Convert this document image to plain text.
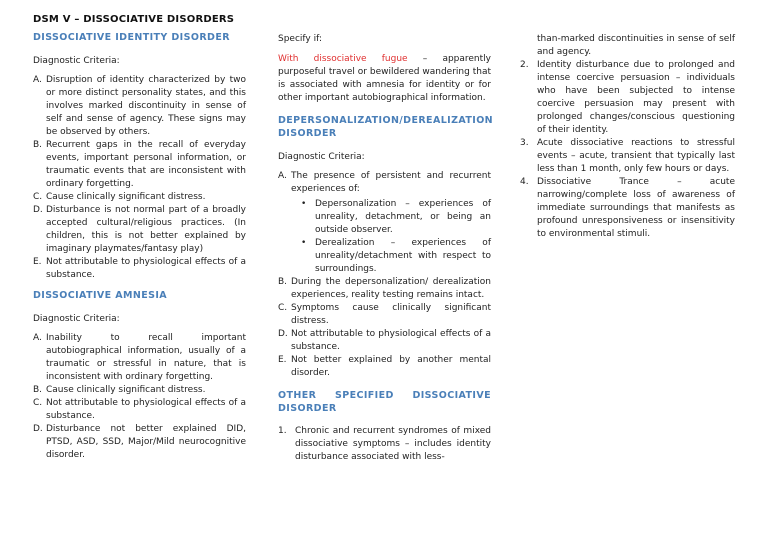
DSM V – DISSOCIATIVE DISORDERS
DISSOCIATIVE IDENTITY DISORDER

Diagnostic Criteria:

A. Disruption of identity characterized by two or more distinct personality states, and this involves marked discontinuity in sense of self and sense of agency. These signs may be observed by others.
B. Recurrent gaps in the recall of everyday events, important personal information, or traumatic events that are inconsistent with ordinary forgetting.
C. Cause clinically significant distress.
D. Disturbance is not normal part of a broadly accepted cultural/religious practices. (In children, this is not better explained by imaginary playmates/fantasy play)
E. Not attributable to physiological effects of a substance.
DISSOCIATIVE AMNESIA

Diagnostic Criteria:

A. Inability to recall important autobiographical information, usually of a traumatic or stressful in nature, that is inconsistent with ordinary forgetting.
B. Cause clinically significant distress.
C. Not attributable to physiological effects of a substance.
D. Disturbance not better explained DID, PTSD, ASD, SSD, Major/Mild neurocognitive disorder.

Specify if:

With dissociative fugue – apparently purposeful travel or bewildered wandering that is associated with amnesia for identity or for other important autobiographical information.

DEPERSONALIZATION/DEREALIZATION
DISORDER

Diagnostic Criteria:

A. The presence of persistent and recurrent experiences of:
• Depersonalization – experiences of unreality, detachment, or being an outside observer.
• Derealization – experiences of unreality/detachment with respect to surroundings.
B. During the depersonalization/ derealization experiences, reality testing remains intact.
C. Symptoms cause clinically significant distress.
D. Not attributable to physiological effects of a substance.
E. Not better explained by another mental disorder.
OTHER SPECIFIED DISSOCIATIVE
DISORDER
1. Chronic and recurrent syndromes of mixed dissociative symptoms – includes identity disturbance associated with less-

than-marked discontinuities in sense of self and agency.

2. Identity disturbance due to prolonged and intense coercive persuasion – individuals who have been subjected to intense coercive persuasion may present with prolonged changes/conscious questioning of their identity.
3. Acute dissociative reactions to stressful events – acute, transient that typically last less than 1 month, only few hours or days.
4. Dissociative Trance – acute narrowing/complete loss of awareness of immediate surroundings that manifests as profound unresponsiveness or insensitivity to environmental stimuli.
